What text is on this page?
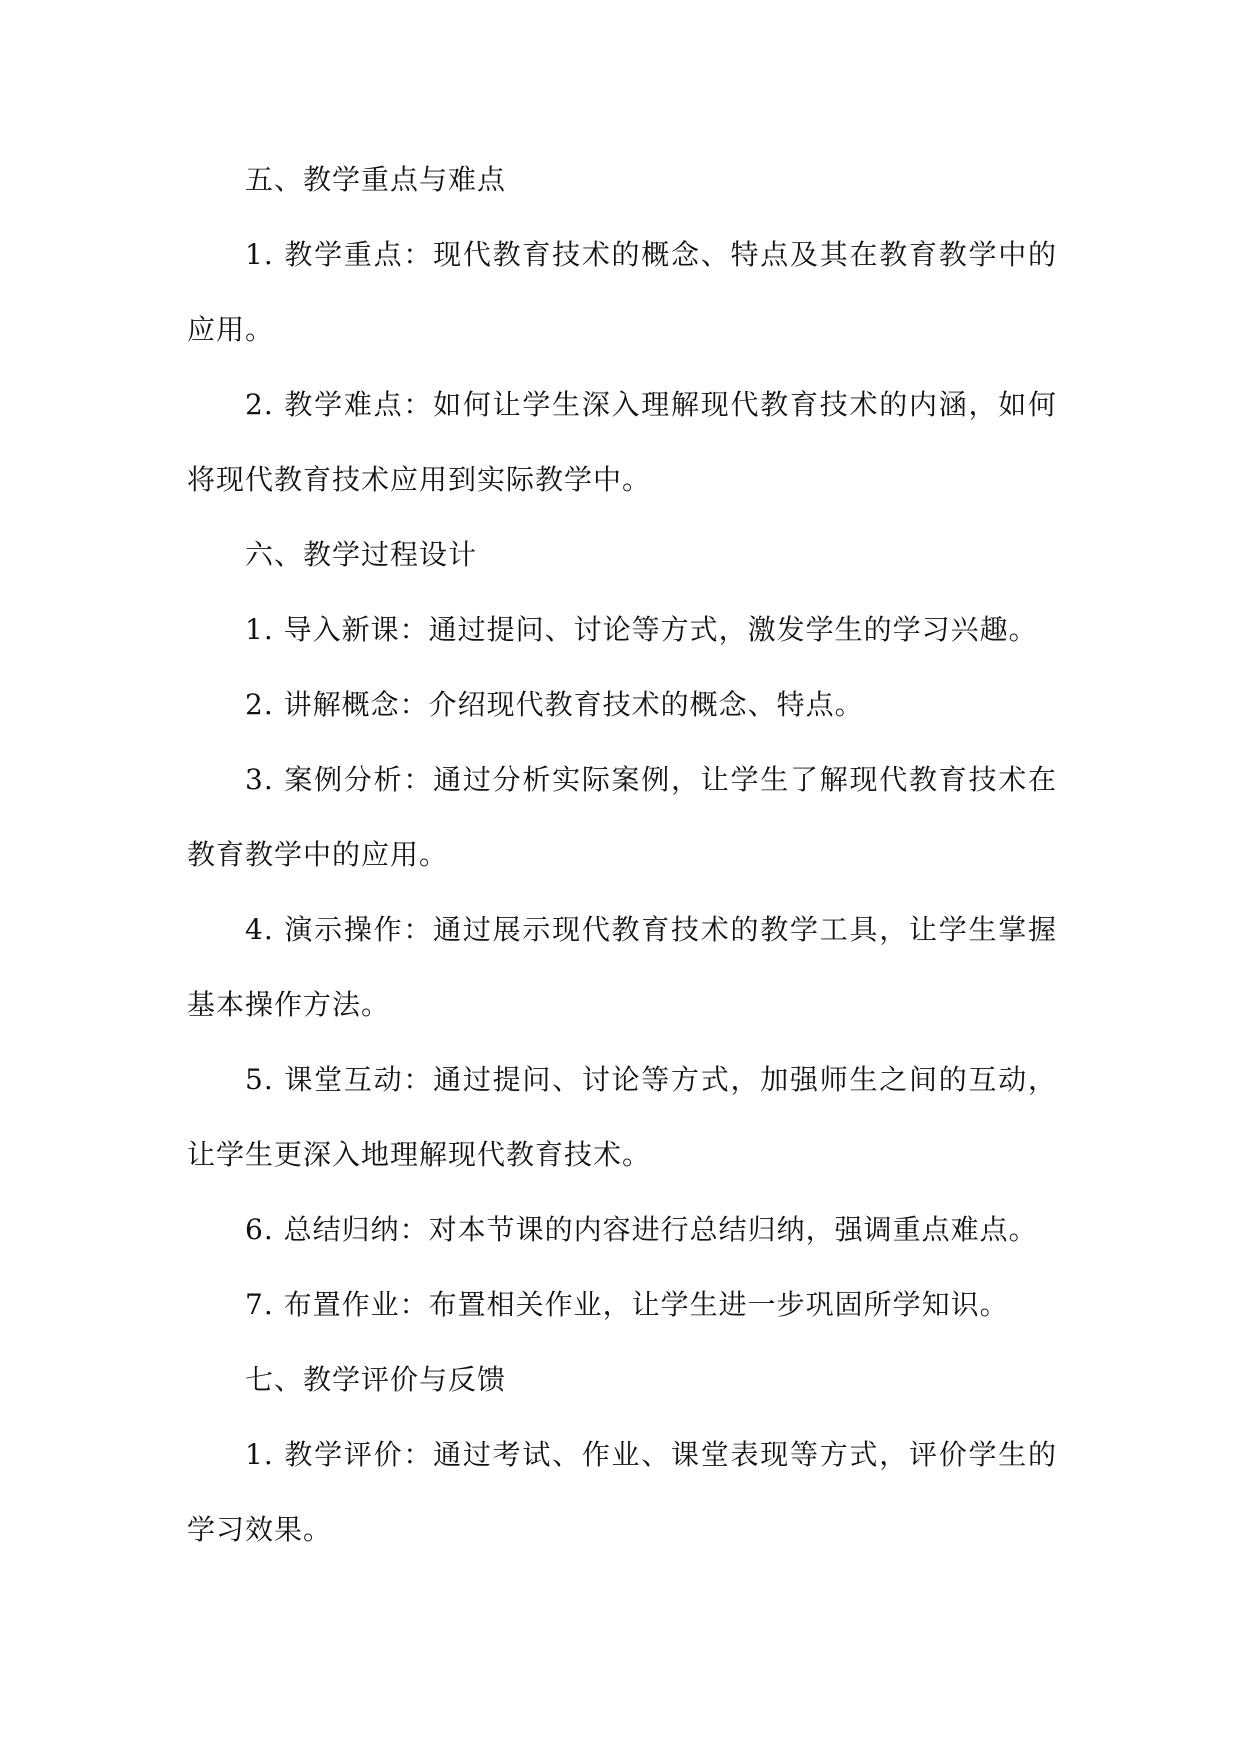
五、教学重点与难点

1. 教学重点：现代教育技术的概念、特点及其在教育教学中的应用。

2. 教学难点：如何让学生深入理解现代教育技术的内涵，如何将现代教育技术应用到实际教学中。

六、教学过程设计

1. 导入新课：通过提问、讨论等方式，激发学生的学习兴趣。

2. 讲解概念：介绍现代教育技术的概念、特点。

3. 案例分析：通过分析实际案例，让学生了解现代教育技术在教育教学中的应用。

4. 演示操作：通过展示现代教育技术的教学工具，让学生掌握基本操作方法。

5. 课堂互动：通过提问、讨论等方式，加强师生之间的互动，让学生更深入地理解现代教育技术。

6. 总结归纳：对本节课的内容进行总结归纳，强调重点难点。

7. 布置作业：布置相关作业，让学生进一步巩固所学知识。

七、教学评价与反馈

1. 教学评价：通过考试、作业、课堂表现等方式，评价学生的学习效果。
